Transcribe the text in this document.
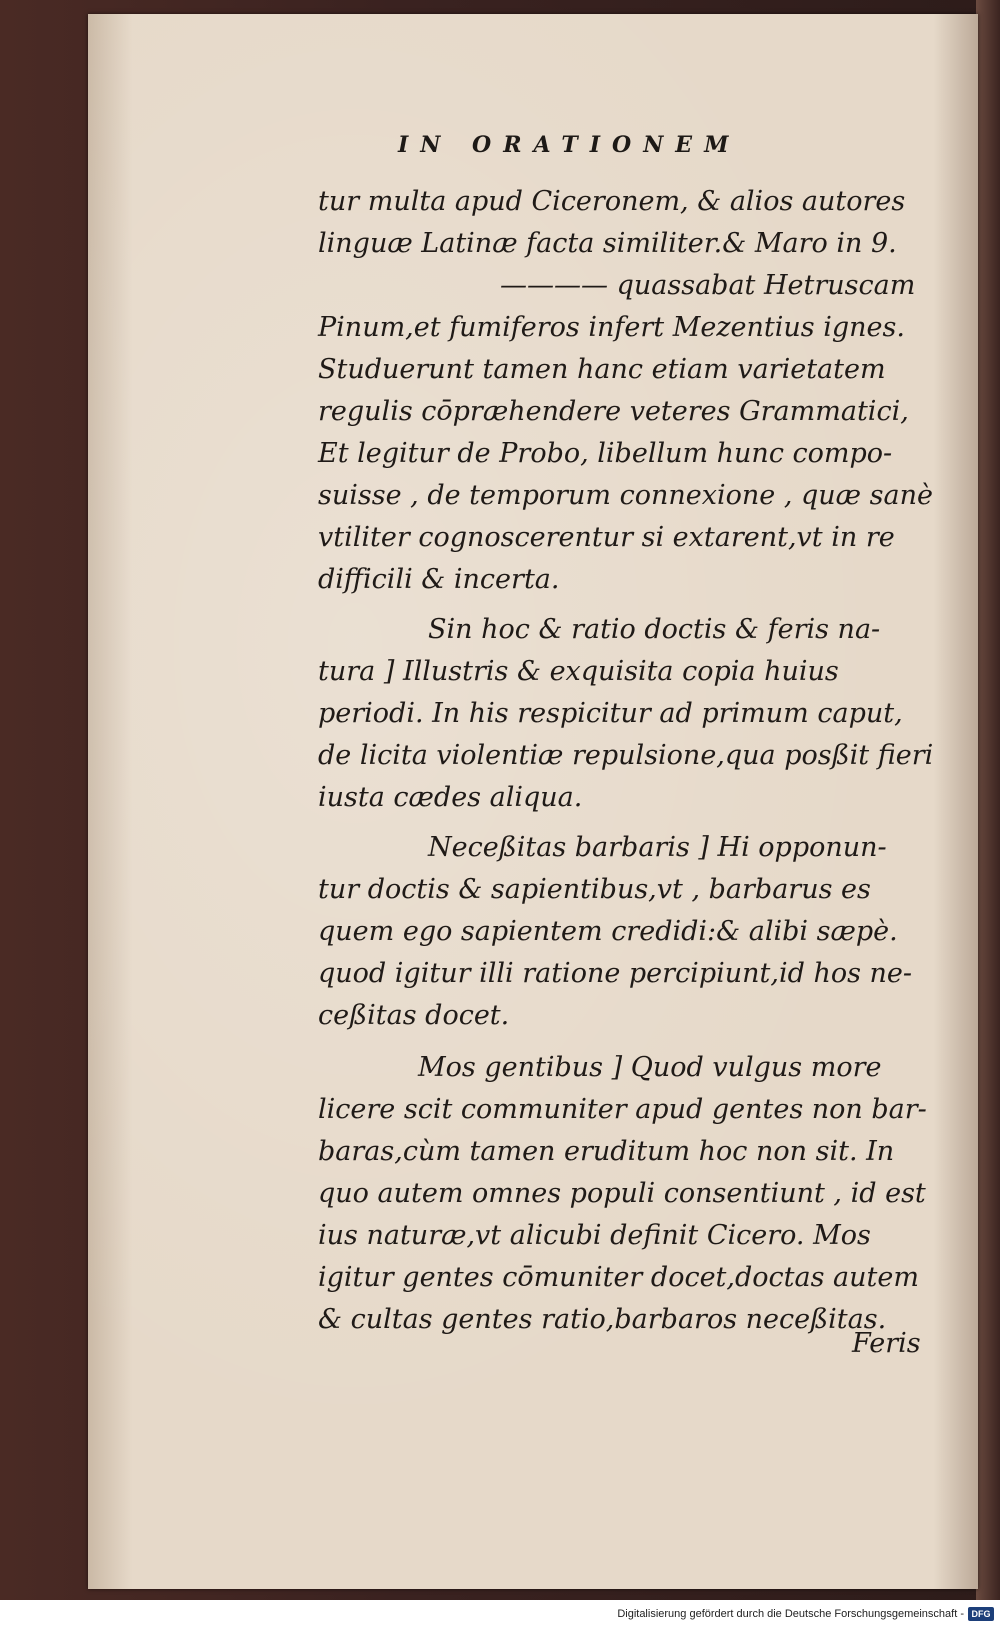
IN ORATIONEM
tur multa apud Ciceronem, & alios autores
linguæ Latinæ facta similiter.& Maro in 9.
———— quassabat Hetruscam
Pinum,et fumiferos infert Mezentius ignes.
Studuerunt tamen hanc etiam varietatem
regulis cōpræhendere veteres Grammatici,
Et legitur de Probo, libellum hunc compo-
suisse , de temporum connexione , quæ sanè
vtiliter cognoscerentur si extarent,vt in re
difficili & incerta.
Sin hoc & ratio doctis & feris na-
tura ] Illustris & exquisita copia huius
periodi. In his respicitur ad primum caput,
de licita violentiæ repulsione,qua posßit fieri
iusta cædes aliqua.
Neceßitas barbaris ] Hi opponun-
tur doctis & sapientibus,vt , barbarus es
quem ego sapientem credidi:& alibi sæpè.
quod igitur illi ratione percipiunt,id hos ne-
ceßitas docet.
Mos gentibus ] Quod vulgus more
licere scit communiter apud gentes non bar-
baras,cùm tamen eruditum hoc non sit. In
quo autem omnes populi consentiunt , id est
ius naturæ,vt alicubi definit Cicero. Mos
igitur gentes cōmuniter docet,doctas autem
& cultas gentes ratio,barbaros neceßitas.
Feris
Digitalisierung gefördert durch die Deutsche Forschungsgemeinschaft - DFG
